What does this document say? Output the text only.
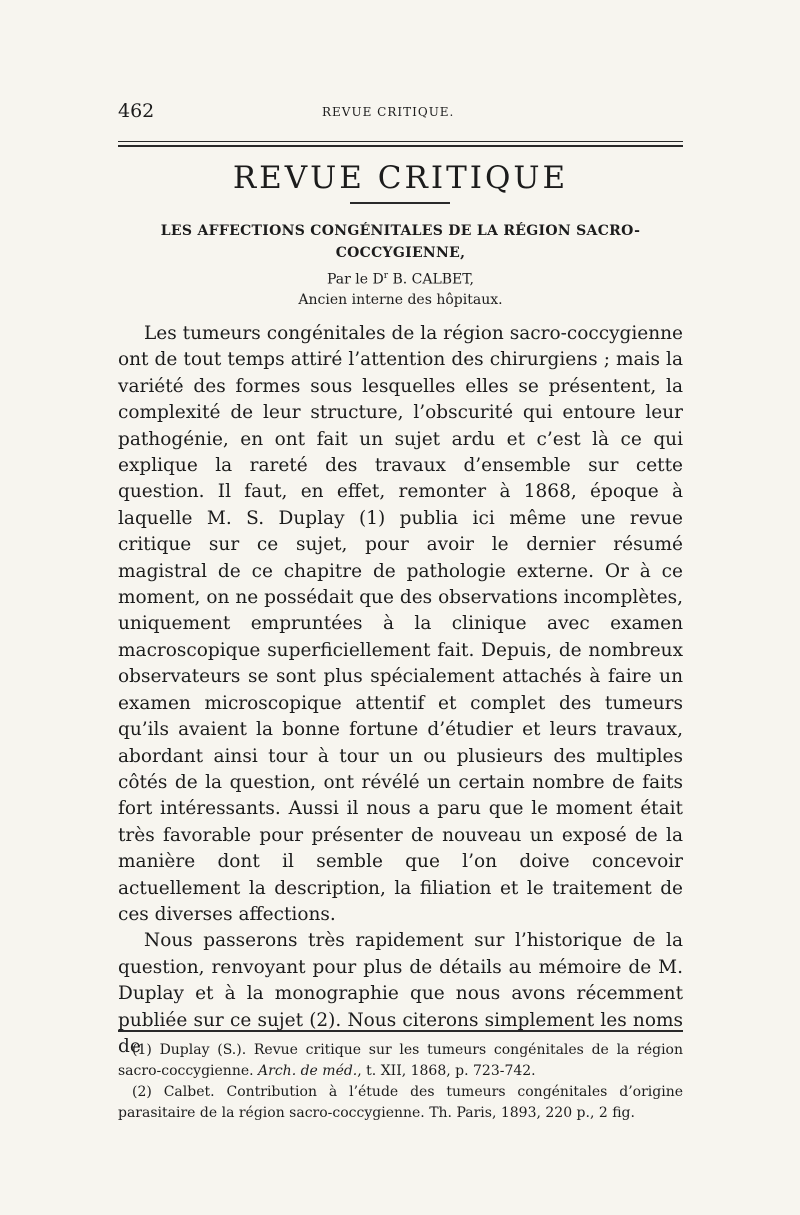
462	REVUE CRITIQUE.
REVUE CRITIQUE
LES AFFECTIONS CONGÉNITALES DE LA RÉGION SACRO-COCCYGIENNE,
Par le $D^r$ B. CALBET,
Ancien interne des hôpitaux.

Les tumeurs congénitales de la région sacro-coccygienne ont de tout temps attiré l’attention des chirurgiens ; mais la variété des formes sous lesquelles elles se présentent, la complexité de leur structure, l’obscurité qui entoure leur pathogénie, en ont fait un sujet ardu et c’est là ce qui explique la rareté des travaux d’ensemble sur cette question. Il faut, en effet, remonter à 1868, époque à laquelle M. S. Duplay (1) publia ici même une revue critique sur ce sujet, pour avoir le dernier résumé magistral de ce chapitre de pathologie externe. Or à ce moment, on ne possédait que des observations incomplètes, uniquement empruntées à la clinique avec examen macroscopique superficiellement fait. Depuis, de nombreux observateurs se sont plus spécialement attachés à faire un examen microscopique attentif et complet des tumeurs qu’ils avaient la bonne fortune d’étudier et leurs travaux, abordant ainsi tour à tour un ou plusieurs des multiples côtés de la question, ont révélé un certain nombre de faits fort intéressants. Aussi il nous a paru que le moment était très favorable pour présenter de nouveau un exposé de la manière dont il semble que l’on doive concevoir actuellement la description, la filiation et le traitement de ces diverses affections.

Nous passerons très rapidement sur l’historique de la question, renvoyant pour plus de détails au mémoire de M. Duplay et à la monographie que nous avons récemment publiée sur ce sujet (2). Nous citerons simplement les noms de

(1) Duplay (S.). Revue critique sur les tumeurs congénitales de la région sacro-coccygienne. Arch. de méd., t. XII, 1868, p. 723-742.

(2) Calbet. Contribution à l’étude des tumeurs congénitales d’origine parasitaire de la région sacro-coccygienne. Th. Paris, 1893, 220 p., 2 fig.
